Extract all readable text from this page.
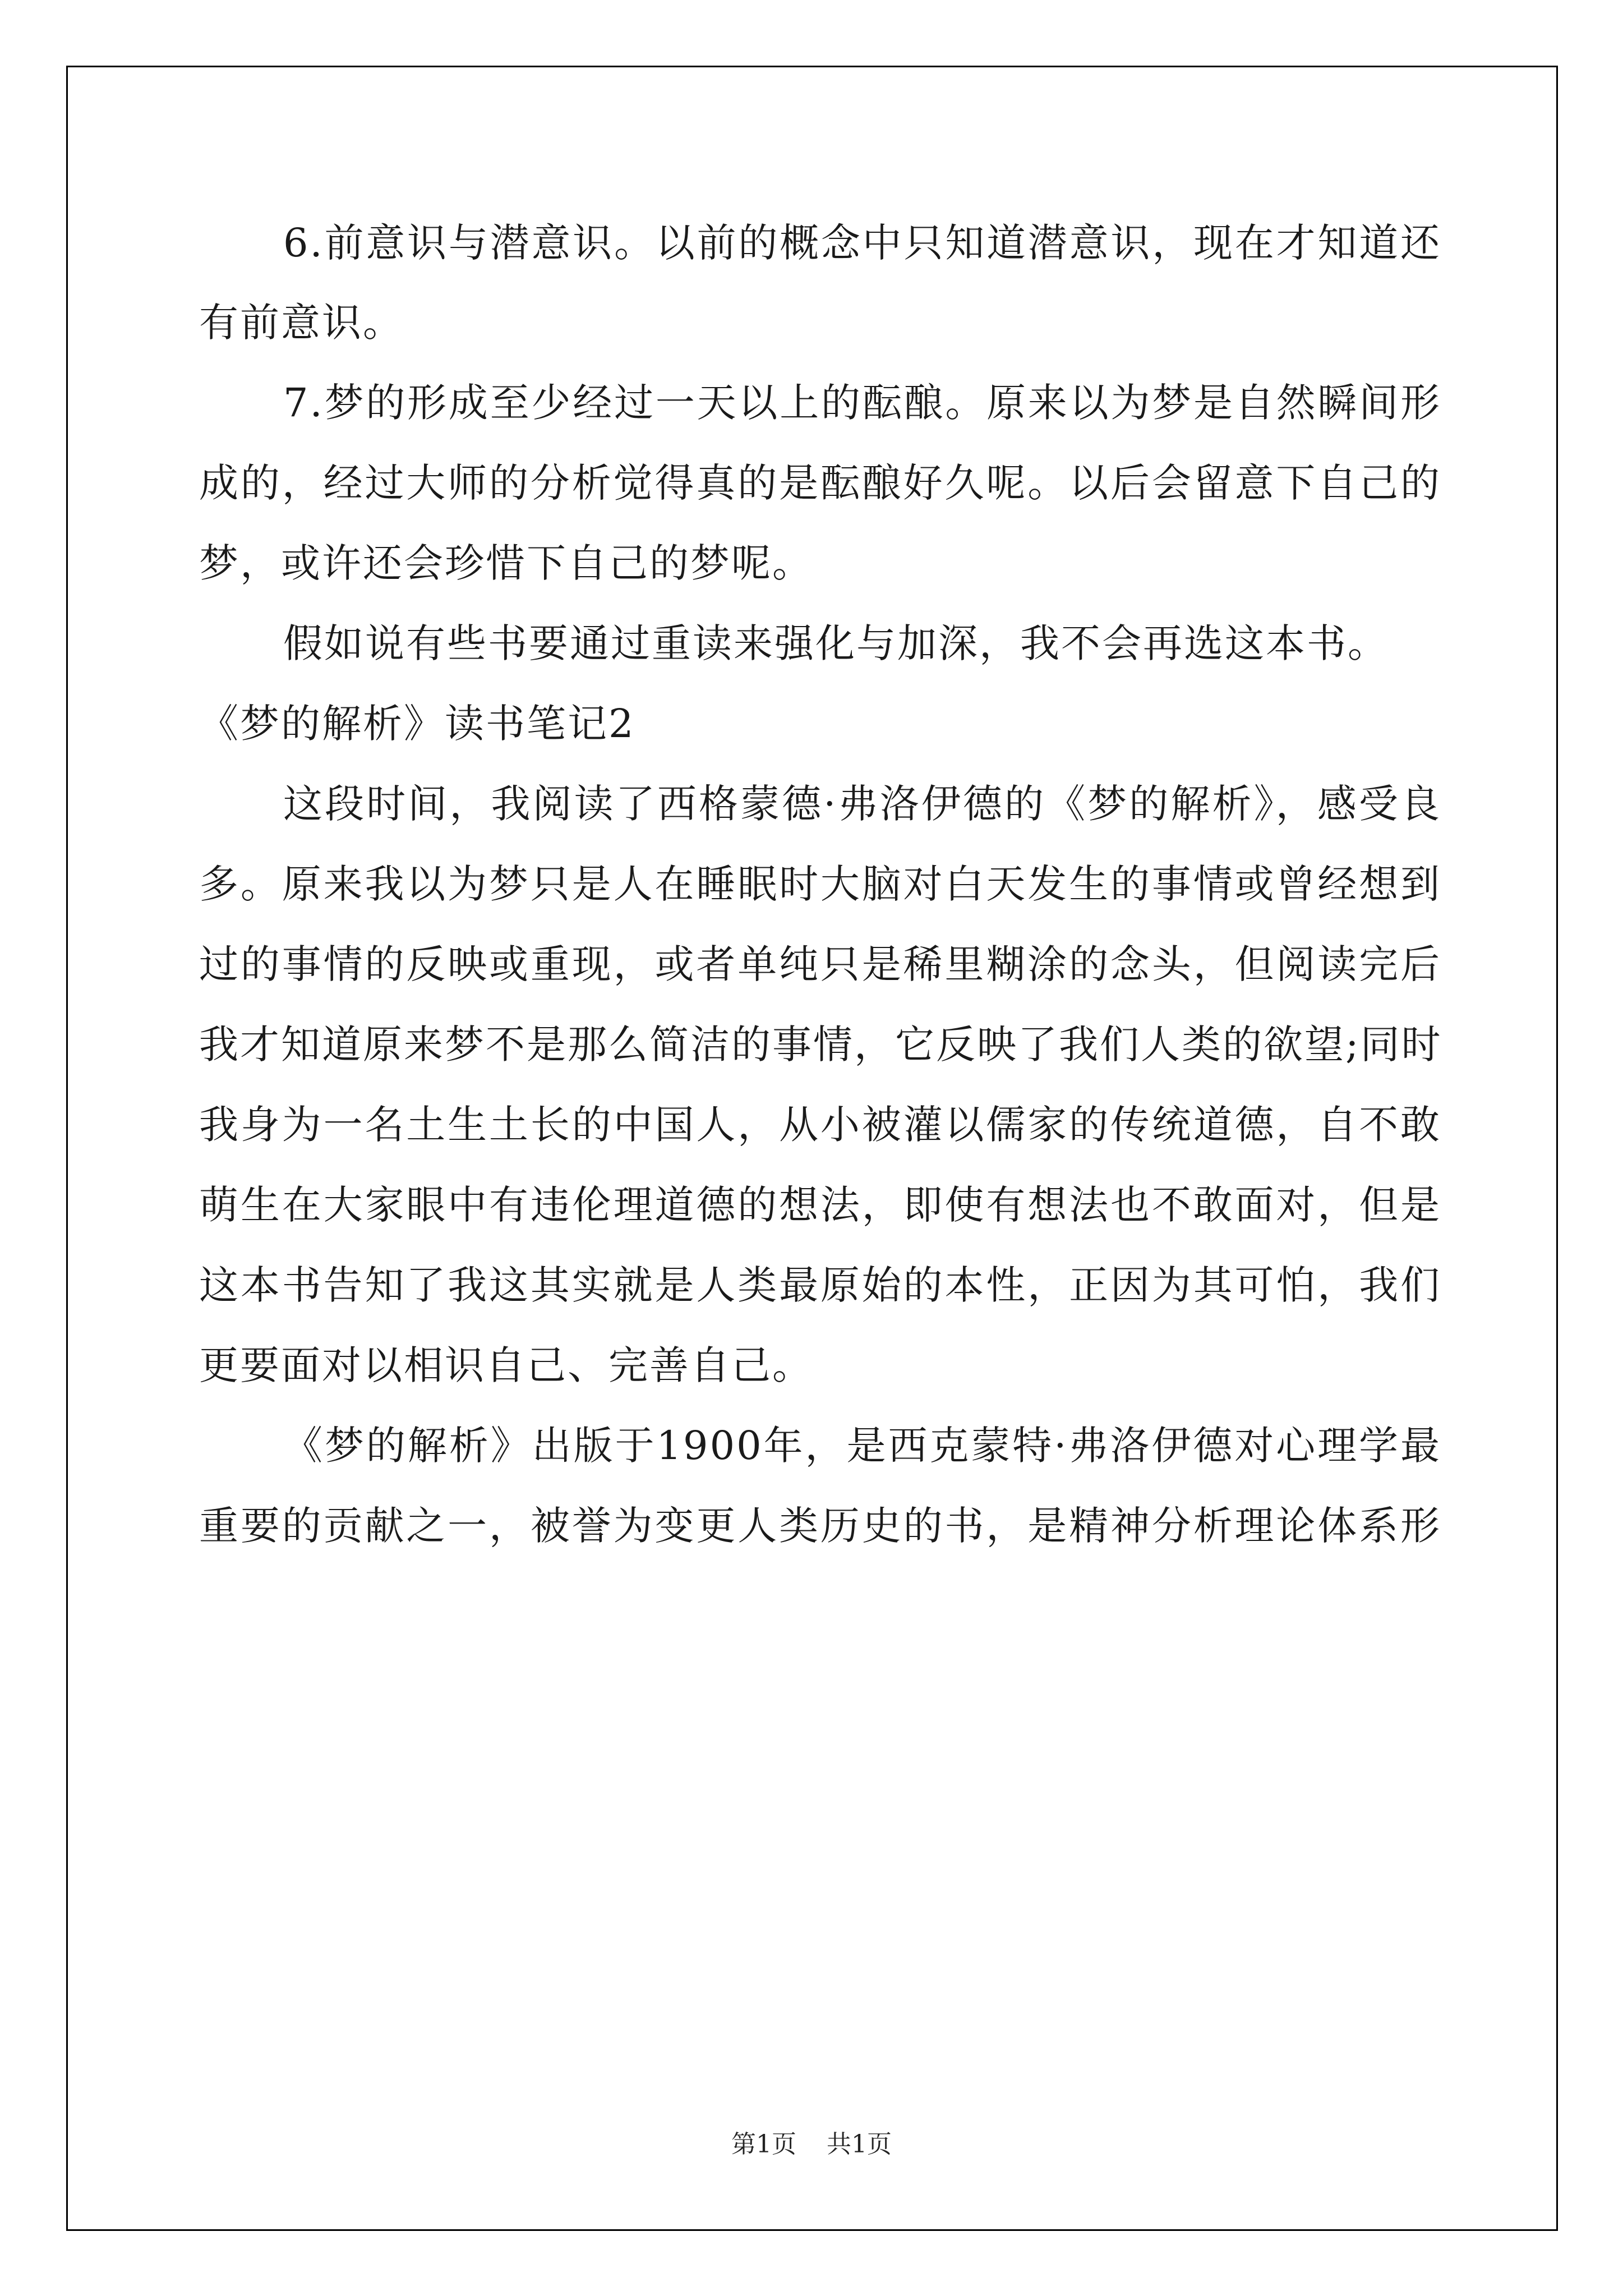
6.前意识与潜意识。以前的概念中只知道潜意识，现在才知道还
有前意识。
7.梦的形成至少经过一天以上的酝酿。原来以为梦是自然瞬间形
成的，经过大师的分析觉得真的是酝酿好久呢。以后会留意下自己的
梦，或许还会珍惜下自己的梦呢。
假如说有些书要通过重读来强化与加深，我不会再选这本书。
《梦的解析》读书笔记2
这段时间，我阅读了西格蒙德·弗洛伊德的《梦的解析》，感受良
多。原来我以为梦只是人在睡眠时大脑对白天发生的事情或曾经想到
过的事情的反映或重现，或者单纯只是稀里糊涂的念头，但阅读完后
我才知道原来梦不是那么简洁的事情，它反映了我们人类的欲望;同时
我身为一名土生土长的中国人，从小被灌以儒家的传统道德，自不敢
萌生在大家眼中有违伦理道德的想法，即使有想法也不敢面对，但是
这本书告知了我这其实就是人类最原始的本性，正因为其可怕，我们
更要面对以相识自己、完善自己。
《梦的解析》出版于1900年，是西克蒙特·弗洛伊德对心理学最
重要的贡献之一，被誉为变更人类历史的书，是精神分析理论体系形
第1页 共1页
